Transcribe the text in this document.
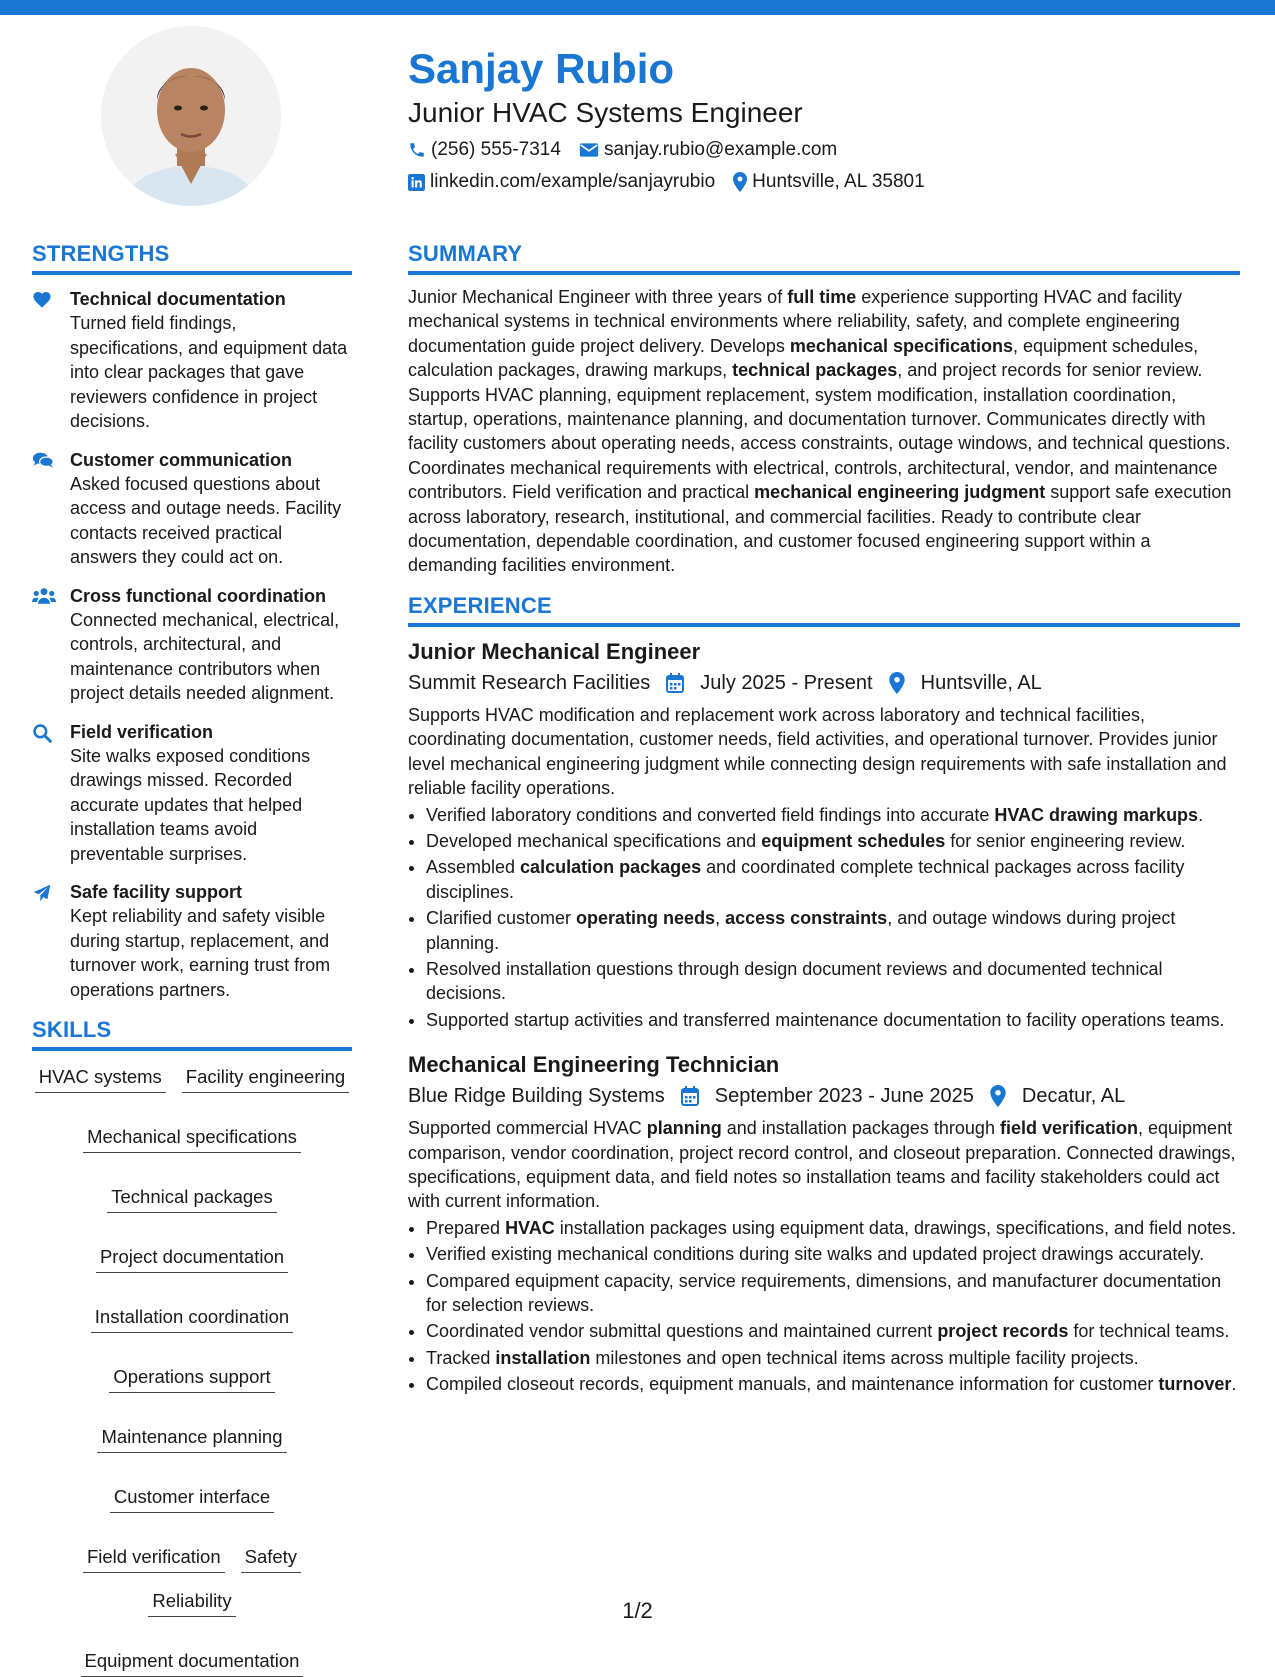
Sanjay Rubio
Junior HVAC Systems Engineer
(256) 555-7314 sanjay.rubio@example.com
linkedin.com/example/sanjayrubio Huntsville, AL 35801
STRENGTHS
Technical documentation
Turned field findings, specifications, and equipment data into clear packages that gave reviewers confidence in project decisions.
Customer communication
Asked focused questions about access and outage needs. Facility contacts received practical answers they could act on.
Cross functional coordination
Connected mechanical, electrical, controls, architectural, and maintenance contributors when project details needed alignment.
Field verification
Site walks exposed conditions drawings missed. Recorded accurate updates that helped installation teams avoid preventable surprises.
Safe facility support
Kept reliability and safety visible during startup, replacement, and turnover work, earning trust from operations partners.
SKILLS
HVAC systems Facility engineering
Mechanical specifications
Technical packages
Project documentation
Installation coordination
Operations support
Maintenance planning
Customer interface
Field verification Safety
Reliability
Equipment documentation
SUMMARY
Junior Mechanical Engineer with three years of full time experience supporting HVAC and facility mechanical systems in technical environments where reliability, safety, and complete engineering documentation guide project delivery. Develops mechanical specifications, equipment schedules, calculation packages, drawing markups, technical packages, and project records for senior review. Supports HVAC planning, equipment replacement, system modification, installation coordination, startup, operations, maintenance planning, and documentation turnover. Communicates directly with facility customers about operating needs, access constraints, outage windows, and technical questions. Coordinates mechanical requirements with electrical, controls, architectural, vendor, and maintenance contributors. Field verification and practical mechanical engineering judgment support safe execution across laboratory, research, institutional, and commercial facilities. Ready to contribute clear documentation, dependable coordination, and customer focused engineering support within a demanding facilities environment.
EXPERIENCE
Junior Mechanical Engineer
Summit Research Facilities	July 2025 - Present Huntsville, AL
Supports HVAC modification and replacement work across laboratory and technical facilities, coordinating documentation, customer needs, field activities, and operational turnover. Provides junior level mechanical engineering judgment while connecting design requirements with safe installation and reliable facility operations.
• Verified laboratory conditions and converted field findings into accurate HVAC drawing markups.
• Developed mechanical specifications and equipment schedules for senior engineering review.
• Assembled calculation packages and coordinated complete technical packages across facility disciplines.
• Clarified customer operating needs, access constraints, and outage windows during project planning.
• Resolved installation questions through design document reviews and documented technical decisions.
• Supported startup activities and transferred maintenance documentation to facility operations teams.
Mechanical Engineering Technician
Blue Ridge Building Systems	September 2023 - June 2025 Decatur, AL
Supported commercial HVAC planning and installation packages through field verification, equipment comparison, vendor coordination, project record control, and closeout preparation. Connected drawings, specifications, equipment data, and field notes so installation teams and facility stakeholders could act with current information.
• Prepared HVAC installation packages using equipment data, drawings, specifications, and field notes.
• Verified existing mechanical conditions during site walks and updated project drawings accurately.
• Compared equipment capacity, service requirements, dimensions, and manufacturer documentation for selection reviews.
• Coordinated vendor submittal questions and maintained current project records for technical teams.
• Tracked installation milestones and open technical items across multiple facility projects.
• Compiled closeout records, equipment manuals, and maintenance information for customer turnover.
1/2
